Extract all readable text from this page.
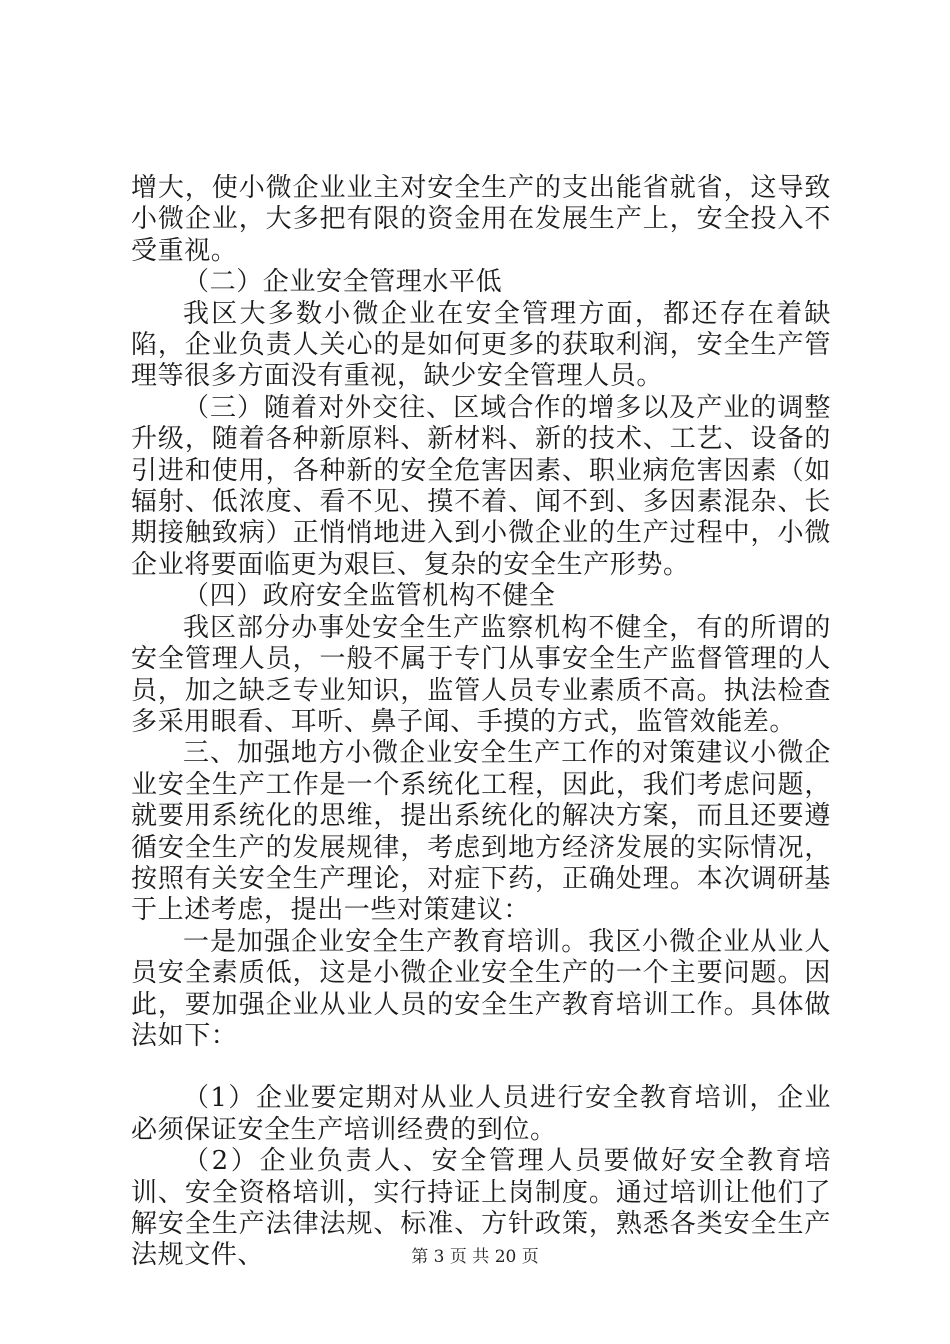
增大，使小微企业业主对安全生产的支出能省就省，这导致小微企业，大多把有限的资金用在发展生产上，安全投入不受重视。

（二）企业安全管理水平低

我区大多数小微企业在安全管理方面，都还存在着缺陷，企业负责人关心的是如何更多的获取利润，安全生产管理等很多方面没有重视，缺少安全管理人员。

（三）随着对外交往、区域合作的增多以及产业的调整升级，随着各种新原料、新材料、新的技术、工艺、设备的引进和使用，各种新的安全危害因素、职业病危害因素（如辐射、低浓度、看不见、摸不着、闻不到、多因素混杂、长期接触致病）正悄悄地进入到小微企业的生产过程中，小微企业将要面临更为艰巨、复杂的安全生产形势。

（四）政府安全监管机构不健全

我区部分办事处安全生产监察机构不健全，有的所谓的安全管理人员，一般不属于专门从事安全生产监督管理的人员，加之缺乏专业知识，监管人员专业素质不高。执法检查多采用眼看、耳听、鼻子闻、手摸的方式，监管效能差。

三、加强地方小微企业安全生产工作的对策建议小微企业安全生产工作是一个系统化工程，因此，我们考虑问题，就要用系统化的思维，提出系统化的解决方案，而且还要遵循安全生产的发展规律，考虑到地方经济发展的实际情况，按照有关安全生产理论，对症下药，正确处理。本次调研基于上述考虑，提出一些对策建议：

一是加强企业安全生产教育培训。我区小微企业从业人员安全素质低，这是小微企业安全生产的一个主要问题。因此，要加强企业从业人员的安全生产教育培训工作。具体做法如下：

（1）企业要定期对从业人员进行安全教育培训，企业必须保证安全生产培训经费的到位。

（2）企业负责人、安全管理人员要做好安全教育培训、安全资格培训，实行持证上岗制度。通过培训让他们了解安全生产法律法规、标准、方针政策，熟悉各类安全生产法规文件、	第 3 页 共 20 页
